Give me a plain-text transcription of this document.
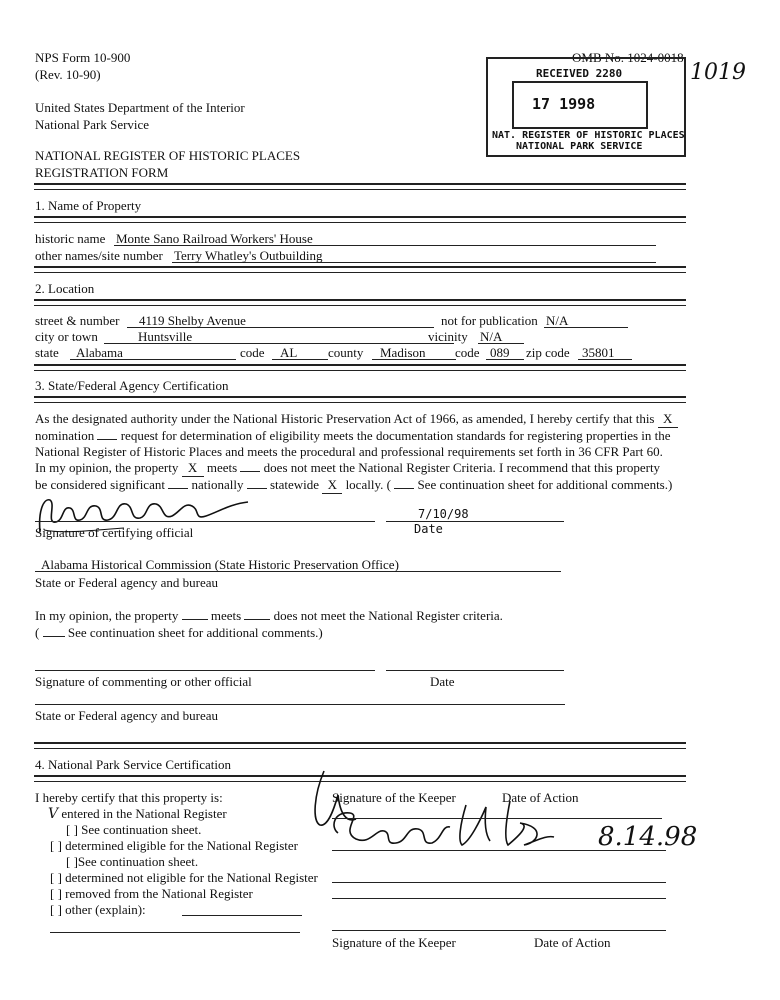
NPS Form 10-900
(Rev. 10-90)
OMB No. 1024-0018
1019
United States Department of the Interior
National Park Service
NATIONAL REGISTER OF HISTORIC PLACES
REGISTRATION FORM
RECEIVED 2280
17 1998
NAT. REGISTER OF HISTORIC PLACES
NATIONAL PARK SERVICE
1. Name of Property
historic name Monte Sano Railroad Workers' House
other names/site number Terry Whatley's Outbuilding
2. Location
street & number	4119 Shelby Avenue	not for publication N/A
city or town	Huntsville	vicinity N/A
state	Alabama	code	AL	county	Madison	code 089	zip code 35801
3. State/Federal Agency Certification
As the designated authority under the National Historic Preservation Act of 1966, as amended, I hereby certify that this X
nomination request for determination of eligibility meets the documentation standards for registering properties in the
National Register of Historic Places and meets the procedural and professional requirements set forth in 36 CFR Part 60.
In my opinion, the property X meets does not meet the National Register Criteria. I recommend that this property
be considered significant nationally statewide X locally. ( See continuation sheet for additional comments.)
7/10/98
Signature of certifying official	Date
Alabama Historical Commission (State Historic Preservation Office)
State or Federal agency and bureau
In my opinion, the property	meets	does not meet the National Register criteria.
( See continuation sheet for additional comments.)
Signature of commenting or other official	Date
State or Federal agency and bureau
4. National Park Service Certification
I hereby certify that this property is:	Signature of the Keeper	Date of Action
V entered in the National Register
[ ] See continuation sheet.
[ ] determined eligible for the National Register
[ ]See continuation sheet.
[ ] determined not eligible for the National Register
[ ] removed from the National Register
[ ] other (explain):
8.14.98
Signature of the Keeper	Date of Action
